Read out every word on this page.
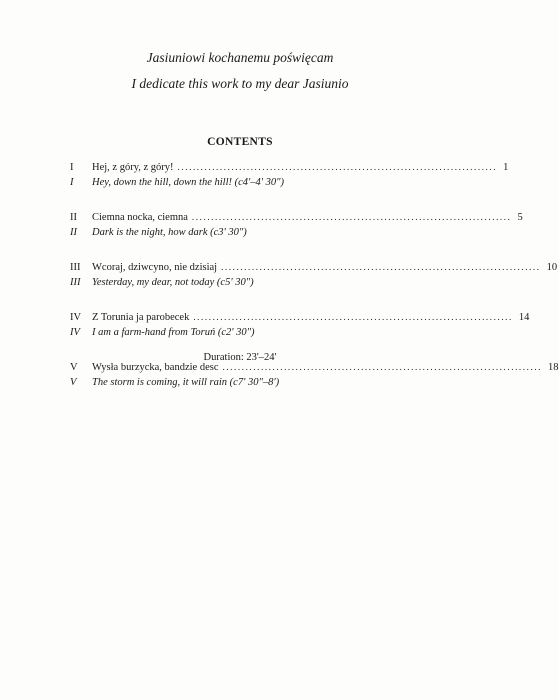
Jasiuniowi kochanemu poświęcam
I dedicate this work to my dear Jasiunio
CONTENTS
I Hej, z góry, z góry! ................................................................................... 1
I Hey, down the hill, down the hill! (c4'–4' 30")
II Ciemna nocka, ciemna ................................................................................... 5
II Dark is the night, how dark (c3' 30")
III Wcoraj, dziwcyno, nie dzisiaj ................................................................................... 10
III Yesterday, my dear, not today (c5' 30")
IV Z Torunia ja parobecek ................................................................................... 14
IV I am a farm-hand from Toruń (c2' 30")
V Wysła burzycka, bandzie desc ................................................................................... 18
V The storm is coming, it will rain (c7' 30"–8')
Duration: 23'–24'
